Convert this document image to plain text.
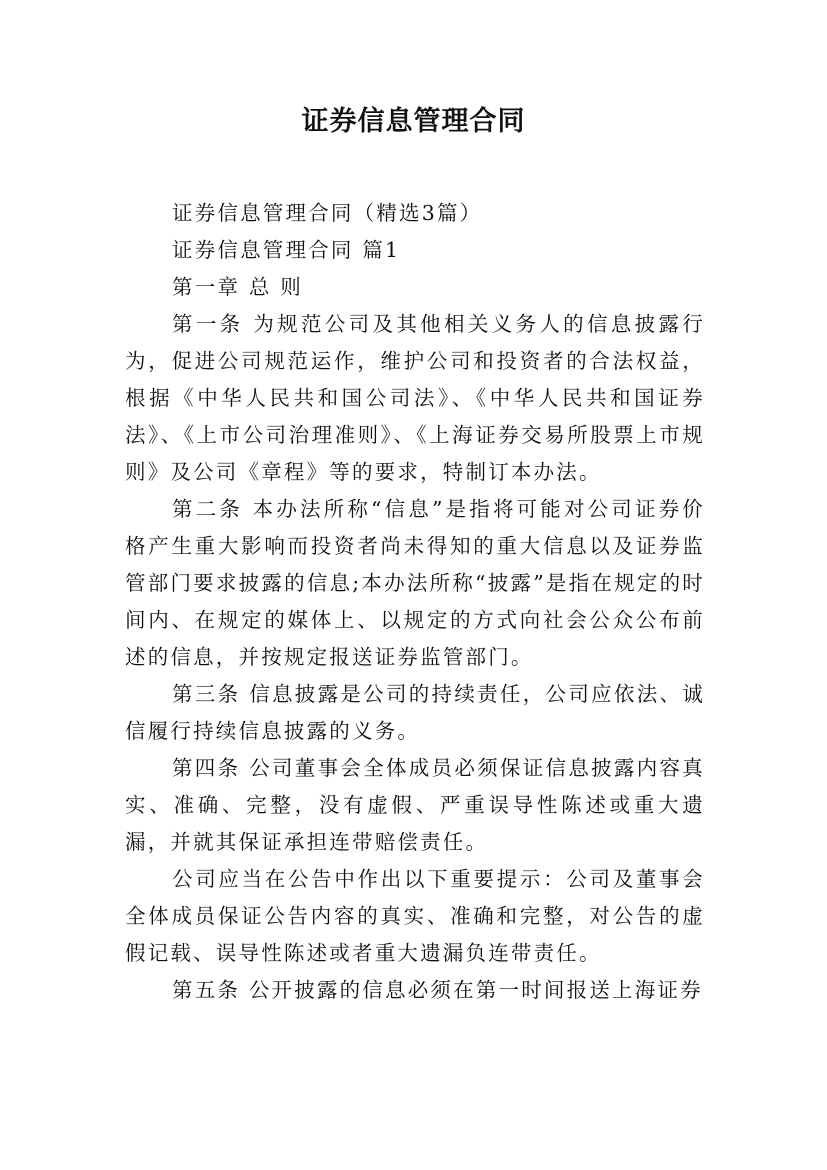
证券信息管理合同

证券信息管理合同（精选3篇）

证券信息管理合同 篇1

第一章 总 则

第一条 为规范公司及其他相关义务人的信息披露行为，促进公司规范运作，维护公司和投资者的合法权益，根据《中华人民共和国公司法》、《中华人民共和国证券法》、《上市公司治理准则》、《上海证券交易所股票上市规则》及公司《章程》等的要求，特制订本办法。

第二条 本办法所称“信息”是指将可能对公司证券价格产生重大影响而投资者尚未得知的重大信息以及证券监管部门要求披露的信息;本办法所称“披露”是指在规定的时间内、在规定的媒体上、以规定的方式向社会公众公布前述的信息，并按规定报送证券监管部门。

第三条 信息披露是公司的持续责任，公司应依法、诚信履行持续信息披露的义务。

第四条 公司董事会全体成员必须保证信息披露内容真实、准确、完整，没有虚假、严重误导性陈述或重大遗漏，并就其保证承担连带赔偿责任。

公司应当在公告中作出以下重要提示：公司及董事会全体成员保证公告内容的真实、准确和完整，对公告的虚假记载、误导性陈述或者重大遗漏负连带责任。

第五条 公开披露的信息必须在第一时间报送上海证券
